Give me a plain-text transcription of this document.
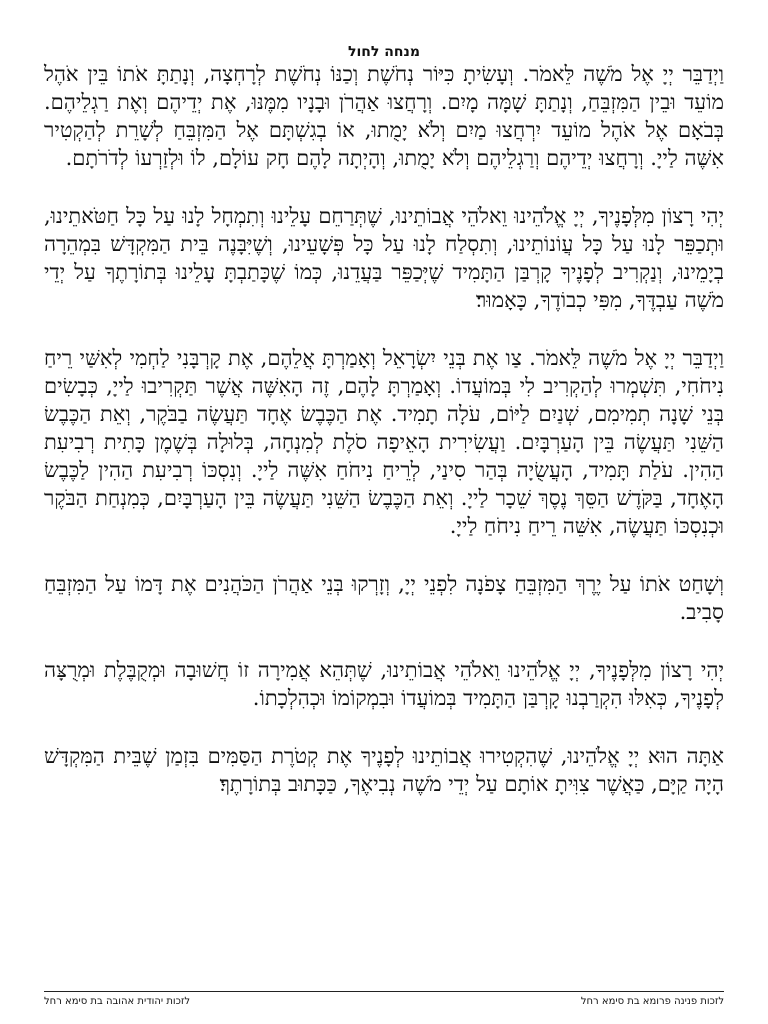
מנחה לחול

וַיְדַבֵּר יְיָ אֶל מֹשֶׁה לֵּאמֹר. וְעָשִׂיתָ כִּיּוֹר נְחֹשֶׁת וְכַנּוֹ נְחֹשֶׁת לְרָחְצָה, וְנָתַתָּ אֹתוֹ בֵּין אֹהֶל מוֹעֵד וּבֵין הַמִּזְבֵּחַ, וְנָתַתָּ שָׁמָּה מָיִם. וְרָחֲצוּ אַהֲרֹן וּבָנָיו מִמֶּנּוּ, אֶת יְדֵיהֶם וְאֶת רַגְלֵיהֶם. בְּבֹאָם אֶל אֹהֶל מוֹעֵד יִרְחֲצוּ מַיִם וְלֹא יָמֻתוּ, אוֹ בְגִשְׁתָּם אֶל הַמִּזְבֵּחַ לְשָׁרֵת לְהַקְטִיר אִשֶּׁה לַייָ. וְרָחֲצוּ יְדֵיהֶם וְרַגְלֵיהֶם וְלֹא יָמֻתוּ, וְהָיְתָה לָהֶם חָק עוֹלָם, לוֹ וּלְזַרְעוֹ לְדֹרֹתָם.

יְהִי רָצוֹן מִלְּפָנֶיךָ, יְיָ אֱלֹהֵינוּ וֵאלֹהֵי אֲבוֹתֵינוּ, שֶׁתְּרַחֵם עָלֵינוּ וְתִמְחָל לָנוּ עַל כָּל חַטֹּאתֵינוּ, וּתְכַפֵּר לָנוּ עַל כָּל עֲוֹנוֹתֵינוּ, וְתִסְלַח לָנוּ עַל כָּל פְּשָׁעֵינוּ, וְשֶׁיִּבָּנֶה בֵּית הַמִּקְדָּשׁ בִּמְהֵרָה בְיָמֵינוּ, וְנַקְרִיב לְפָנֶיךָ קָרְבַּן הַתָּמִיד שֶׁיְּכַפֵּר בַּעֲדֵנוּ, כְּמוֹ שֶׁכָּתַבְתָּ עָלֵינוּ בְּתוֹרָתֶךָ עַל יְדֵי מֹשֶׁה עַבְדֶּךָ, מִפִּי כְבוֹדֶךָ, כָּאָמוּר׃

וַיְדַבֵּר יְיָ אֶל מֹשֶׁה לֵּאמֹר. צַו אֶת בְּנֵי יִשְׂרָאֵל וְאָמַרְתָּ אֲלֵהֶם, אֶת קָרְבָּנִי לַחְמִי לְאִשַּׁי רֵיחַ נִיחֹחִי, תִּשְׁמְרוּ לְהַקְרִיב לִי בְּמוֹעֲדוֹ. וְאָמַרְתָּ לָהֶם, זֶה הָאִשֶּׁה אֲשֶׁר תַּקְרִיבוּ לַייָ, כְּבָשִׂים בְּנֵי שָׁנָה תְמִימִם, שְׁנַיִם לַיּוֹם, עֹלָה תָמִיד. אֶת הַכֶּבֶשׂ אֶחָד תַּעֲשֶׂה בַבֹּקֶר, וְאֵת הַכֶּבֶשׂ הַשֵּׁנִי תַּעֲשֶׂה בֵּין הָעַרְבָּיִם. וַעֲשִׂירִית הָאֵיפָה סֹלֶת לְמִנְחָה, בְּלוּלָה בְּשֶׁמֶן כָּתִית רְבִיעִת הַהִין. עֹלַת תָּמִיד, הָעֲשֻׂיָה בְּהַר סִינַי, לְרֵיחַ נִיחֹחַ אִשֶּׁה לַייָ. וְנִסְכּוֹ רְבִיעִת הַהִין לַכֶּבֶשׂ הָאֶחָד, בַּקֹּדֶשׁ הַסֵּךְ נֶסֶךְ שֵׁכָר לַייָ. וְאֵת הַכֶּבֶשׂ הַשֵּׁנִי תַּעֲשֶׂה בֵּין הָעַרְבָּיִם, כְּמִנְחַת הַבֹּקֶר וּכְנִסְכּוֹ תַּעֲשֶׂה, אִשֵּׁה רֵיחַ נִיחֹחַ לַייָ.

וְשָׁחַט אֹתוֹ עַל יֶרֶךְ הַמִּזְבֵּחַ צָפֹנָה לִפְנֵי יְיָ, וְזָרְקוּ בְּנֵי אַהֲרֹן הַכֹּהֲנִים אֶת דָּמוֹ עַל הַמִּזְבֵּחַ סָבִיב.

יְהִי רָצוֹן מִלְּפָנֶיךָ, יְיָ אֱלֹהֵינוּ וֵאלֹהֵי אֲבוֹתֵינוּ, שֶׁתְּהֵא אֲמִירָה זוֹ חֲשׁוּבָה וּמְקֻבֶּלֶת וּמְרֻצָּה לְפָנֶיךָ, כְּאִלּוּ הִקְרַבְנוּ קָרְבַּן הַתָּמִיד בְּמוֹעֲדוֹ וּבִמְקוֹמוֹ וּכְהִלְכָתוֹ.

אַתָּה הוּא יְיָ אֱלֹהֵינוּ, שֶׁהִקְטִירוּ אֲבוֹתֵינוּ לְפָנֶיךָ אֶת קְטֹרֶת הַסַּמִּים בִּזְמַן שֶׁבֵּית הַמִּקְדָּשׁ הָיָה קַיָּם, כַּאֲשֶׁר צִוִּיתָ אוֹתָם עַל יְדֵי מֹשֶׁה נְבִיאֶךָ, כַּכָּתוּב בְּתוֹרָתֶךָ׃

לזכות פנינה פרומא בת סימא רחל
לזכות יהודית אהובה בת סימא רחל
